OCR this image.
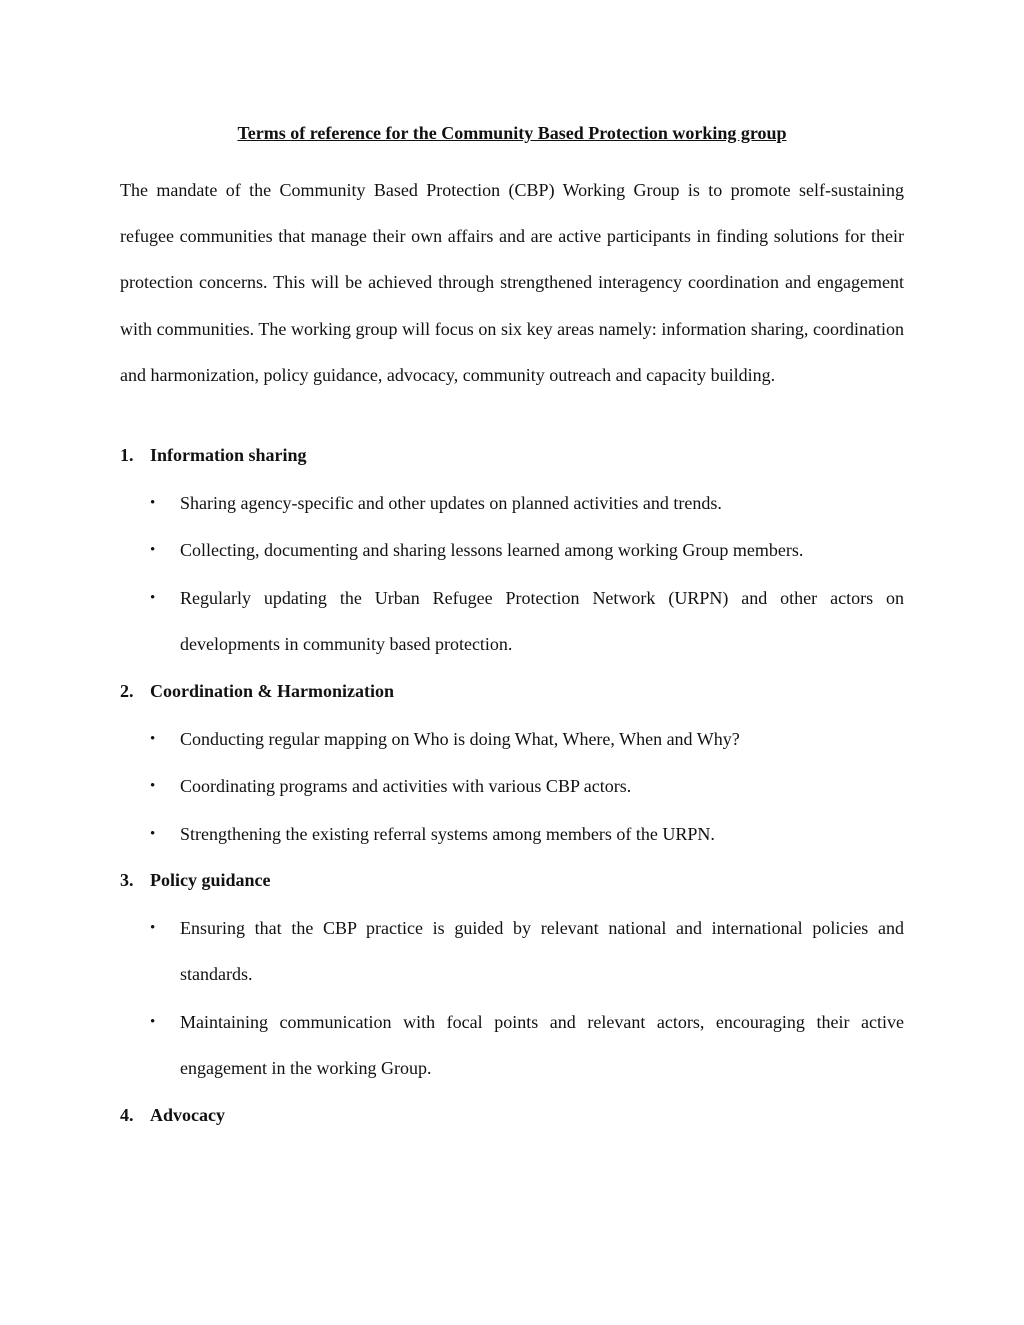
Terms of reference for the Community Based Protection working group

The mandate of the Community Based Protection (CBP) Working Group is to promote self-sustaining refugee communities that manage their own affairs and are active participants in finding solutions for their protection concerns. This will be achieved through strengthened interagency coordination and engagement with communities. The working group will focus on six key areas namely: information sharing, coordination and harmonization, policy guidance, advocacy, community outreach and capacity building.

1. Information sharing
•	Sharing agency-specific and other updates on planned activities and trends.
•	Collecting, documenting and sharing lessons learned among working Group members.
•	Regularly updating the Urban Refugee Protection Network (URPN) and other actors on developments in community based protection.
2. Coordination & Harmonization
•	Conducting regular mapping on Who is doing What, Where, When and Why?
•	Coordinating programs and activities with various CBP actors.
•	Strengthening the existing referral systems among members of the URPN.
3. Policy guidance
•	Ensuring that the CBP practice is guided by relevant national and international policies and standards.
•	Maintaining communication with focal points and relevant actors, encouraging their active engagement in the working Group.
4. Advocacy
